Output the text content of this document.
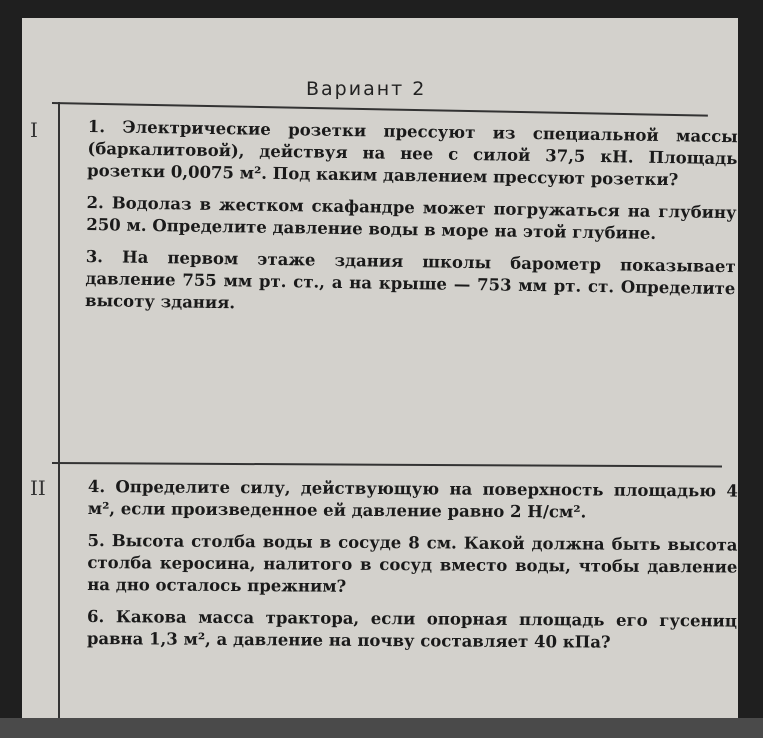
Вариант 2
I	1. Электрические розетки прессуют из специальной массы (баркалитовой), действуя на нее с силой 37,5 кН. Площадь розетки 0,0075 м². Под каким давлением прессуют розетки?

2. Водолаз в жестком скафандре может погружаться на глубину 250 м. Определите давление воды в море на этой глубине.

3. На первом этаже здания школы барометр показывает давление 755 мм рт. ст., а на крыше — 753 мм рт. ст. Определите высоту здания.

II	4. Определите силу, действующую на поверхность площадью 4 м², если произведенное ей давление равно 2 Н/см².

5. Высота столба воды в сосуде 8 см. Какой должна быть высота столба керосина, налитого в сосуд вместо воды, чтобы давление на дно осталось прежним?

6. Какова масса трактора, если опорная площадь его гусениц равна 1,3 м², а давление на почву составляет 40 кПа?
